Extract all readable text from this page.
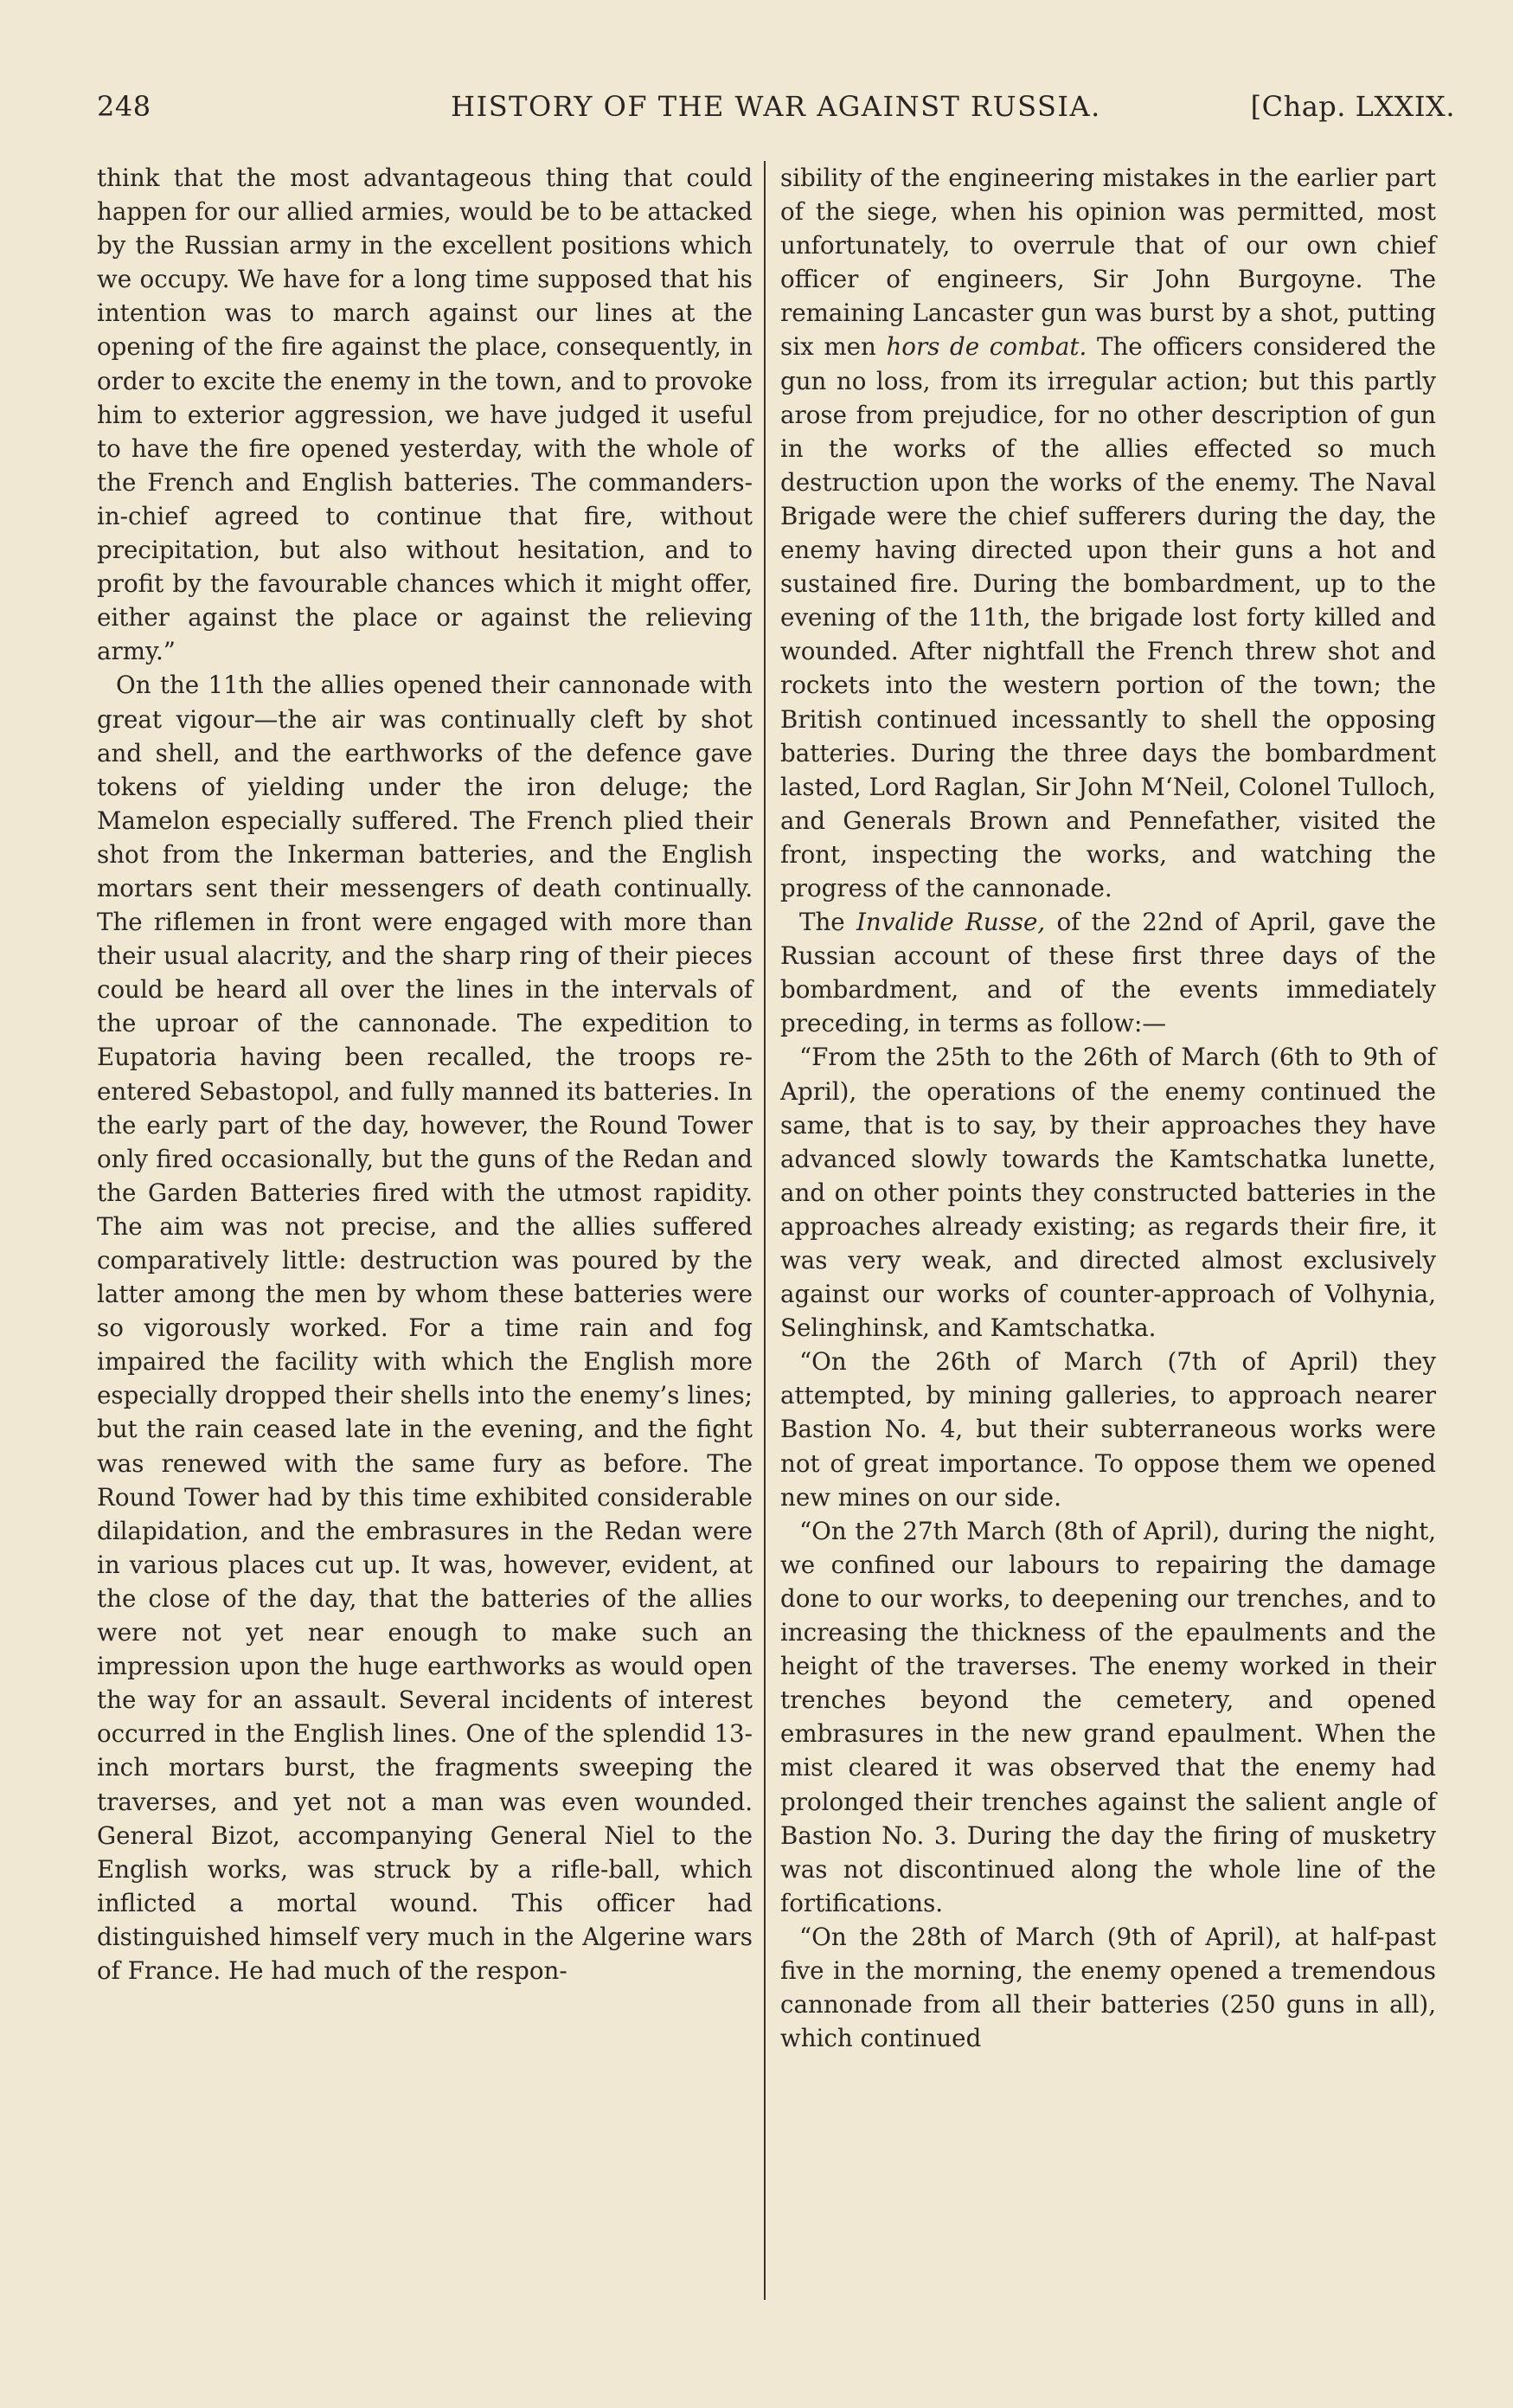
248	HISTORY OF THE WAR AGAINST RUSSIA.	[Chap. LXXIX.

think that the most advantageous thing that could happen for our allied armies, would be to be attacked by the Russian army in the excellent positions which we occupy. We have for a long time supposed that his intention was to march against our lines at the opening of the fire against the place, consequently, in order to excite the enemy in the town, and to provoke him to exterior aggression, we have judged it useful to have the fire opened yesterday, with the whole of the French and English batteries. The commanders-in-chief agreed to continue that fire, without precipitation, but also without hesitation, and to profit by the favourable chances which it might offer, either against the place or against the relieving army.”

On the 11th the allies opened their cannonade with great vigour—the air was continually cleft by shot and shell, and the earthworks of the defence gave tokens of yielding under the iron deluge; the Mamelon especially suffered. The French plied their shot from the Inkerman batteries, and the English mortars sent their messengers of death continually. The riflemen in front were engaged with more than their usual alacrity, and the sharp ring of their pieces could be heard all over the lines in the intervals of the uproar of the cannonade. The expedition to Eupatoria having been recalled, the troops re-entered Sebastopol, and fully manned its batteries. In the early part of the day, however, the Round Tower only fired occasionally, but the guns of the Redan and the Garden Batteries fired with the utmost rapidity. The aim was not precise, and the allies suffered comparatively little: destruction was poured by the latter among the men by whom these batteries were so vigorously worked. For a time rain and fog impaired the facility with which the English more especially dropped their shells into the enemy’s lines; but the rain ceased late in the evening, and the fight was renewed with the same fury as before. The Round Tower had by this time exhibited considerable dilapidation, and the embrasures in the Redan were in various places cut up. It was, however, evident, at the close of the day, that the batteries of the allies were not yet near enough to make such an impression upon the huge earthworks as would open the way for an assault. Several incidents of interest occurred in the English lines. One of the splendid 13-inch mortars burst, the fragments sweeping the traverses, and yet not a man was even wounded. General Bizot, accompanying General Niel to the English works, was struck by a rifle-ball, which inflicted a mortal wound. This officer had distinguished himself very much in the Algerine wars of France. He had much of the respon-

sibility of the engineering mistakes in the earlier part of the siege, when his opinion was permitted, most unfortunately, to overrule that of our own chief officer of engineers, Sir John Burgoyne. The remaining Lancaster gun was burst by a shot, putting six men hors de combat. The officers considered the gun no loss, from its irregular action; but this partly arose from prejudice, for no other description of gun in the works of the allies effected so much destruction upon the works of the enemy. The Naval Brigade were the chief sufferers during the day, the enemy having directed upon their guns a hot and sustained fire. During the bombardment, up to the evening of the 11th, the brigade lost forty killed and wounded. After nightfall the French threw shot and rockets into the western portion of the town; the British continued incessantly to shell the opposing batteries. During the three days the bombardment lasted, Lord Raglan, Sir John M‘Neil, Colonel Tulloch, and Generals Brown and Pennefather, visited the front, inspecting the works, and watching the progress of the cannonade.

The Invalide Russe, of the 22nd of April, gave the Russian account of these first three days of the bombardment, and of the events immediately preceding, in terms as follow:—

“From the 25th to the 26th of March (6th to 9th of April), the operations of the enemy continued the same, that is to say, by their approaches they have advanced slowly towards the Kamtschatka lunette, and on other points they constructed batteries in the approaches already existing; as regards their fire, it was very weak, and directed almost exclusively against our works of counter-approach of Volhynia, Selinghinsk, and Kamtschatka.

“On the 26th of March (7th of April) they attempted, by mining galleries, to approach nearer Bastion No. 4, but their subterraneous works were not of great importance. To oppose them we opened new mines on our side.

“On the 27th March (8th of April), during the night, we confined our labours to repairing the damage done to our works, to deepening our trenches, and to increasing the thickness of the epaulments and the height of the traverses. The enemy worked in their trenches beyond the cemetery, and opened embrasures in the new grand epaulment. When the mist cleared it was observed that the enemy had prolonged their trenches against the salient angle of Bastion No. 3. During the day the firing of musketry was not discontinued along the whole line of the fortifications.

“On the 28th of March (9th of April), at half-past five in the morning, the enemy opened a tremendous cannonade from all their batteries (250 guns in all), which continued
